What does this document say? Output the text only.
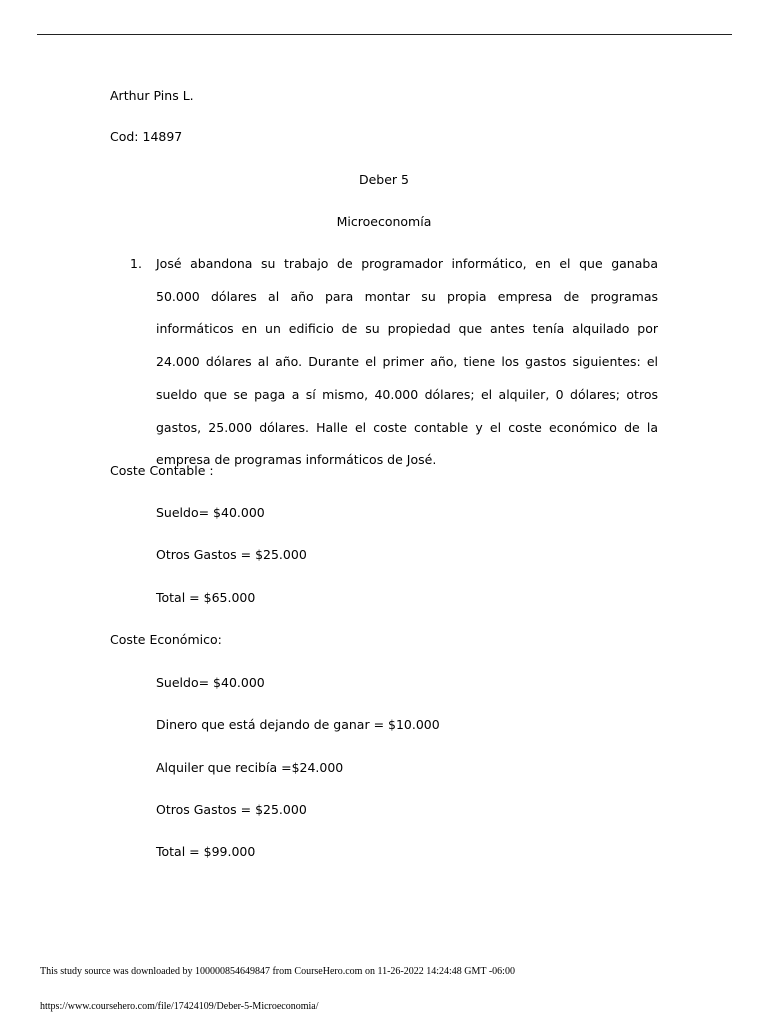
Arthur Pins L.
Cod: 14897
Deber 5
Microeconomía
1. José abandona su trabajo de programador informático, en el que ganaba 50.000 dólares al año para montar su propia empresa de programas informáticos en un edificio de su propiedad que antes tenía alquilado por 24.000 dólares al año. Durante el primer año, tiene los gastos siguientes: el sueldo que se paga a sí mismo, 40.000 dólares; el alquiler, 0 dólares; otros gastos, 25.000 dólares. Halle el coste contable y el coste económico de la empresa de programas informáticos de José.
Coste Contable :
Sueldo= $40.000
Otros Gastos = $25.000
Total = $65.000
Coste Económico:
Sueldo= $40.000
Dinero que está dejando de ganar = $10.000
Alquiler que recibía =$24.000
Otros Gastos = $25.000
Total = $99.000
This study source was downloaded by 100000854649847 from CourseHero.com on 11-26-2022 14:24:48 GMT -06:00
https://www.coursehero.com/file/17424109/Deber-5-Microeconomia/
